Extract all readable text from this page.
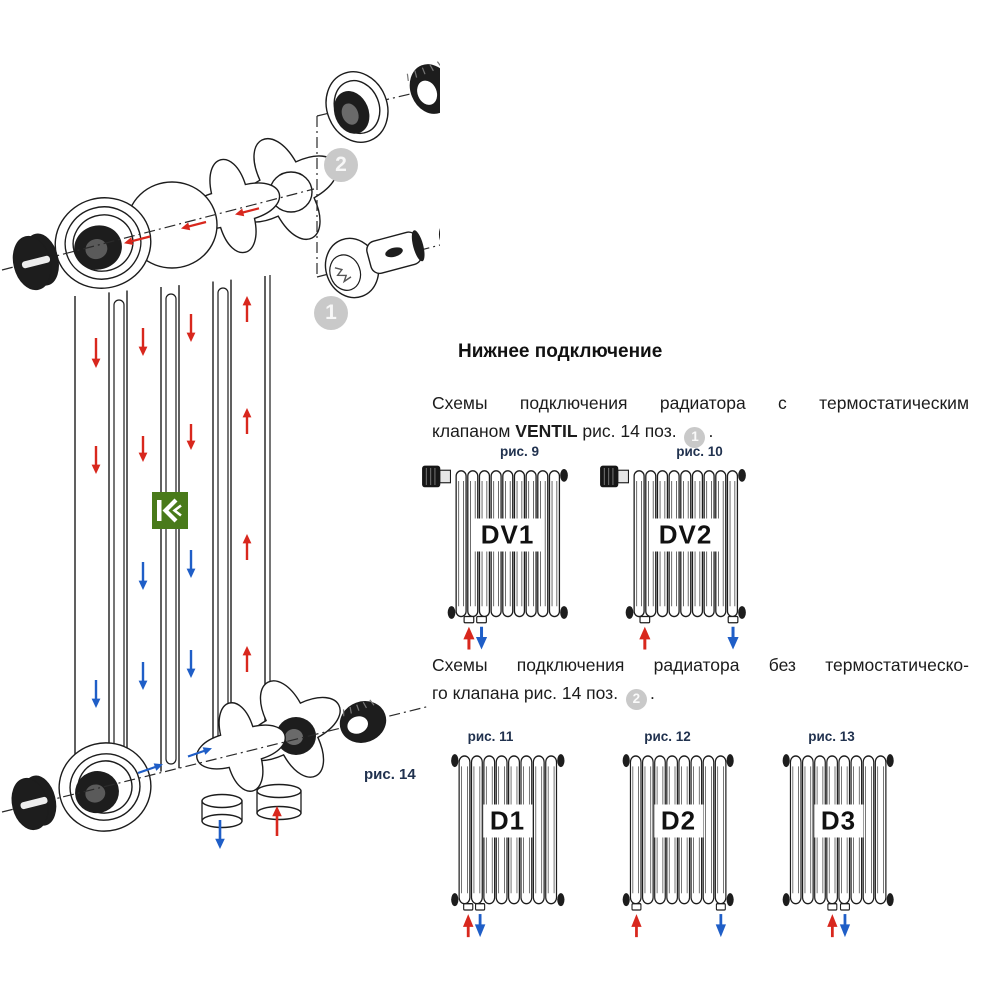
2
1
рис. 14
Нижнее подключение

Схемы подключения радиатора с термостатическим
клапаном VENTIL рис. 14 поз. 1 .

Схемы подключения радиатора без термостатическо-
го клапана рис. 14 поз. 2 .

рис. 9
DV1
рис. 10
DV2
рис. 11
D1
рис. 12
D2
рис. 13
D3
